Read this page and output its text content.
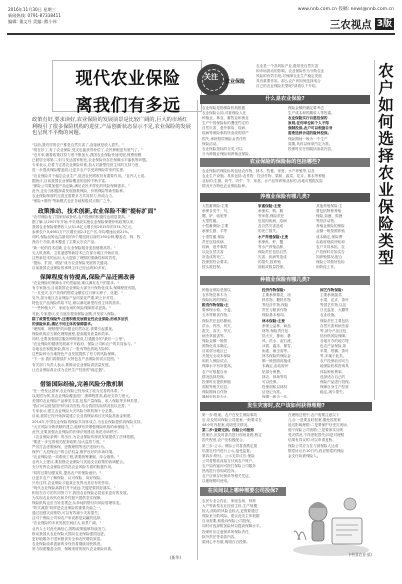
2016年11月30日 星期三
新闻热线: 0791-87338411
编辑: 董文丹 美编: 熊小伟
www.nnb.com.cn 投稿: news@nnb.com.cn
三农视点 3版
现代农业保险
离我们有多远
政策有好,要求读好,农业保险的发展前景是比较广阔的,巨大的市场红利吸引了很多保险机构的进驻,产品创新状态显示不足,农业保险的发展也呈现不平衡的问题。
"以前,我们村的农户都是自然灾害了,直接就是收入损失。"
"现在好了,有了农业保险,受灾也能获得补偿了,农民种粮更有底气了。"
"近年来,随着政策扶持力度不断加大,我国农业保险快速发展,保费规模
已跃居全球第二,但与发达国家相比,农业保险仍存在保障水平偏低等问题。
专家表示,应着力完善农业保险体系,加大对新型经营主体的支持力度,
进一步提高保险覆盖面,让更多农户享受到保险带来的实惠。
"农业保险对于稳定农业生产,促进农民增收具有重要作用。"业内人士说。
据统计,目前我国农业保险覆盖的品种不断丰富。
"保险公司要加强产品创新,满足农民多样化的风险保障需求。"
此外,还应当积极探索发展指数保险、价格保险等新型险种。
农业保险制度的完善还需要多方共同努力,形成合力。
"保险+期货"等新模式也在各地积极试点推广之中。
政策推动、技术创新,农业保险不断"提标扩面"
"农村保险有了国家财政补贴,农户投保的积极性也明显提高。"
据了解,从2007年开始,中央财政实施农业保险保费补贴政策以来,
我国农业保险保费收入从51.8亿元增长到2015年的374.7亿元。
参保农户从4981万户次增长到2.3亿户次,年均增速达到21%。
同时,保险品种也由最初的5个增加到目前的190余种,覆盖农、林、牧、
渔各个方面,基本覆盖了主要大宗农产品。
"新一轮的技术创新,让农业保险服务更加便捷高效。"
无人机查勘、卫星遥感等新技术已在部分地区开始应用。
这些新技术的运用,大大提高了理赔的准确性和时效性。
"提标、扩面、增品"成为农业保险发展的关键词。
目前我国农业保险的承保主体已经达到30多家。
保障程度有待提高,保险产品还需改善
"农业保险的保障水平仍然偏低,难以满足农户的需求。"
有专家指出,目前我国农业保险大部分只保物化成本,保障程度有限。
"一旦受灾,农户获得的赔偿金额往往只够买种子、化肥。"
另外,部分地区农业保险产品同质化严重,缺乏针对性。
特色农产品保险供给不足,难以满足新型经营主体的需求。
"一些种植大户、家庭农场的风险保障需求更高。"
对此,专家建议,应当逐步提高保险金额,开发收入保险。
除了政策性保险外,还要积极发展商业性农业保险,形成多层次
的保险体系,满足不同主体的保障需求。
"理赔难、理赔慢"的问题也仍然存在,需要引起重视。
保险机构应当简化理赔流程,提高服务质量和效率。
同时,还要加强基层服务网络建设,打通服务的"最后一公里"。
"农业保险的健康发展离不开政府、保险公司和农户的共同参与。"
各地也在积极探索,推出了一批有特色的地方险种。
这些险种为当地特色产业发展提供了有力的风险保障。
"下一步,我们将继续扩大特色农产品保险的试点范围。"
有关部门负责人表示,要推动农业保险高质量发展。
让农业保险真正成为农民生产经营的"稳定器"。
借鉴国际经验,完善风险分散机制
"在一些发达国家,农业保险已经形成了较为完善的体系。"
以美国为例,其农业保险覆盖面广,保障程度高,政府支持力度大。
美国的农业保险产品种类丰富,包括产量保险、收入保险等多种类型。
"我们可以借鉴国外的成功经验,结合我国实际情况加以完善。"
专家表示,建立农业保险大灾风险分散机制十分必要。
目前,我国已经开始探索建立农业再保险和巨灾风险准备金制度。
2014年,中国农业保险再保险共同体成立,为农业保险提供再保险支持。
"大灾风险分散机制的建立,能够有效增强保险机构的承保能力。"
此外,还要加强农业保险的法律法规建设,规范市场秩序。
《农业保险条例》的出台,为农业保险的规范发展提供了法律依据。
"要进一步完善相关配套政策,加大监管力度。"
严厉打击虚假承保、虚假理赔等违法违规行为。
保护广大投保农户的合法权益,维护良好的市场环境。
"农业保险是一项系统工程,需要统筹兼顾、综合施策。"
业内人士建议,要加强农业保险与其他支农政策的协调配合。
充分发挥农业保险在防范农业风险方面的积极作用。
"同时还要加强宣传,提高农户的保险意识。"
让更多农户了解保险、认可保险、用好保险。
只有这样,农业保险才能真正发挥出其应有的作用。
"现代农业保险离我们并不遥远,关键是要抓好落实。"
相信在各方的共同努力下,我国农业保险必将迎来更好的发展。
为实现农业现代化和乡村振兴提供坚实保障。
保险机构也应当转变观念,从单纯的赔付向风险管理转变。
"防灾减损"同样是农业保险的重要功能之一。
通过加强灾前预防,可以有效减少灾害损失。
这对于保险公司和农户来说都是双赢的选择。
"农业保险的未来发展空间巨大,前景广阔。"
业内人士对此充满信心,期待政策能够持续发力。
推动我国从农业保险大国向农业保险强国迈进。
更好地服务于国家粮食安全和农民增收致富。
农业保险改革创新的步伐仍将继续加快推进。
努力构建覆盖全面、保障适度的现代农业保险体系。
(新华)
关注
农业保险
农户如何选择农业保险类型
农业是一个高风险产业,极易受自然灾害
和市场波动的影响。农业保险作为分散农业
风险的有效手段,对保障农业生产稳定发展
具有重要作用。那么农户该如何选择适合
自己的农业保险类型呢?请看以下介绍。
什么是农业保险?
农业保险是指保险机构根据
农业保险合同,对被保险人在
种植业、林业、畜牧业和渔业
生产中因保险标的遭受约定的
自然灾害、意外事故、疫病、
疾病等保险事故所造成的财产
损失,承担赔偿保险金责任的
保险活动。
农业保险按标的分类,可以
分为种植业保险和养殖业保险。
保险金额的确定要考虑
生产成本和预期收入等因素。
农业保险实行自愿投保的
原则,任何单位和个人不得
强制投保,农户可以根据自身
需要选择合适的险种投保。
保险期间一般为一个生产
周期,具体以保单约定为准。
投保时应仔细阅读条款内容。
农业保险的保险标的包括哪些?
农业保险的保险标的包括农作物、林木、牲畜、家禽、水产养殖等,以及
农业生产设施。具体包括:农作物、经济作物、果树、蔬菜、花卉、林木等种植
业标的;生猪、奶牛、肉牛、羊、家禽、水产品等养殖业标的,各地可根据实际
情况开办特色农业保险险种。
养殖业保险有哪几类?
大牲畜保险:主要
承保各类牛、马、
骡、驴、骆驼等
大型牲畜。
小牲畜保险:主要
承保生猪、羊等
小型牲畜,保险
责任包括疾病、
疫病、意外事故
以及自然灾害
所造成的死亡。
投保需符合要求。
按头数投保。
家禽保险:主要
承保鸡、鸭、鹅
等家禽,保险责任
包括因疾病、疫病
及自然灾害造成
的死亡损失。
水产养殖保险:主要
承保鱼、虾、蟹
等水产养殖品种,
保险责任包括自然
灾害、疾病等造成
的损失,按养殖
面积或数量投保。
其他养殖保险:主
要包括特种养殖
保险,如鹿、狐狸
等经济动物。
养殖业保险的保险
金额一般按照养殖
成本确定,保险费
由政府财政补贴和
农户共同承担。农
户投保时应如实告
知养殖情况,配合
保险公司做好验标
和防疫工作。
种植业保险有哪几类?
种植业保险是指以
农作物及林木为
保险标的的保险。
粮食作物保险:主
要承保水稻、小麦、
玉米等粮食作物,
保险责任包括暴雨、
洪水、内涝、风灾、
雹灾、冻灾、旱灾、
病虫草鼠害等。
保险金额一般按
照物化成本确定。
目前部分地区已
开展完全成本保险
和收入保险试点,
保障水平有所提高。
农户可根据自身
情况选择投保。
投保时应提供种植
面积等相关信息。
保险期间自作物
播种至收获为止。
经济作物保险:
主要承保棉花、油
料作物、糖料作物
等经济作物,保险
责任与粮食作物
保险基本相同。
林木保险:主要
承保公益林、商品
林等,保险责任包
括火灾、暴雨、暴
风、洪水、泥石流、
冰雹、霜冻、暴雪、
雨凇、病虫害等。
林木保险的保险金
额一般按照再植成
本确定,由政府补
贴部分保费。
林农、林场等均
可以投保。
投保面积以林权
证登记为准。
保期一般为一年。
园艺作物保险:
主要承保蔬菜、
水果、花卉、茶叶
等园艺作物,以及
日光温室、大棚等
农业设施。
保险责任主要包括
自然灾害和病虫害
等,部分产品还包
括价格风险保障。
各地开办的地方特
色农产品保险,如
苹果、柑橘、茶叶
等,多属于此类。
农户投保前可向当
地保险机构咨询具
体险种和费率。
选择适合自己的
保险产品进行投保。
保障自身生产经营
稳定,减少损失。
发生灾害时,农户该如何获得理赔?
第一步:报案。农户在发生保险事故
后,应及时向保险公司报案,一般要求在
48小时内报案,说明受灾情况。
第二步:查勘定损。保险公司接到
报案后,应及时派员进行现场查勘,核定
损失程度,农户应积极配合。
第三步:公示。保险公司将查勘定损
结果在村内进行公示,接受监督。
第四步:赔付。公示无异议后,保险
公司将赔款直接支付到农户账户。
农户如有疑问可拨打保险公司服务
热线进行咨询或投诉。
农户应保存好保单等相关凭证。
以便理赔时使用。
在理赔过程中,农户需要注意以下
几点:一是要及时报案,避免因报案
延迟影响理赔;二是要保护好受灾现场,
便于保险公司查勘;三是要如实反映
受灾情况,不得虚报损失;四是对理赔
结果有异议的,可以申请复核。
保险公司应当在与被保险人达成
赔偿协议后10日内,将应赔偿的保险
金支付给被保险人。
在民间以上哪种需要公司投保?
农民专业合作社、家庭农场、种养
大户等新型农业经营主体,生产规模
较大,面临的风险也较大,更需要通过
保险来分散风险。建议此类主体根据
自身需要,积极向保险公司投保,
同时可选择附加险种以提高保障水平。
投保时应注意保单的保险责任、
除外责任等条款内容。
做到心中有数,明明白白投保。
(中国农业部)
